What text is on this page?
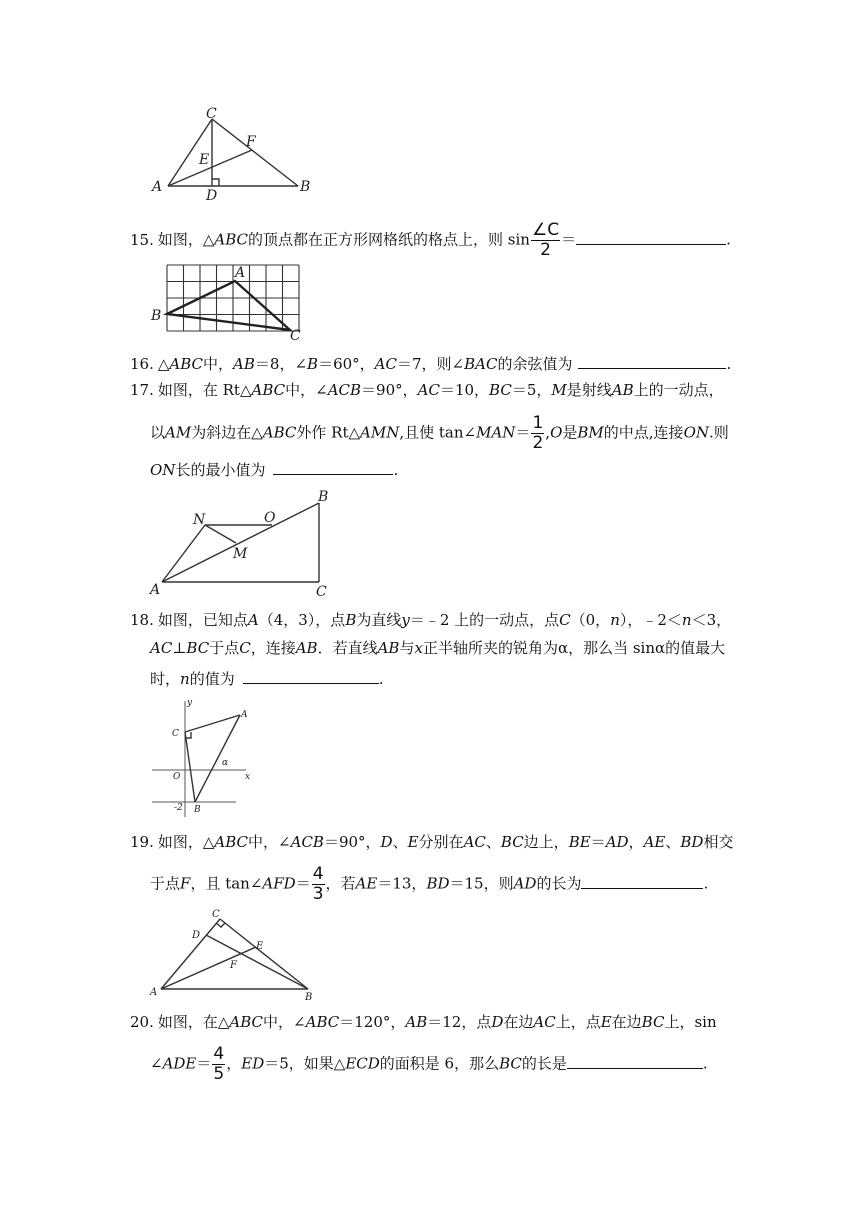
C
F
E
A
D
B
15. 如图，△ABC的顶点都在正方形网格纸的格点上，则 $\sin \frac{\angle C}{2}$ ＝	.
A
B
C
16. △ABC中，AB＝8，∠B＝60°，AC＝7，则∠BAC的余弦值为	.
17. 如图，在 Rt△ABC中，∠ACB＝90°，AC＝10，BC＝5，M是射线AB上的一动点，
以AM为斜边在△ABC外作 Rt△AMN,且使 tan∠MAN＝ $\frac{1}{2} ,O$是BM的中点,连接ON.则
ON长的最小值为	.
N	O
B
M
A	C
18. 如图，已知点A（4，3），点B为直线y＝﹣2 上的一动点，点C（0，n），﹣2＜n＜3，
AC⊥BC于点C，连接AB．若直线AB与x正半轴所夹的锐角为α，那么当 sinα的值最大
时，n的值为	.
y
A
C
α
O	x
-2 B
19. 如图，△ABC中，∠ACB＝90°，D、E分别在AC、BC边上，BE＝AD，AE、BD相交
于点F，且 tan∠AFD＝ $\frac{4}{3}$ ，若AE＝13，BD＝15，则AD的长为	.
C
D
E
F
A	B
20. 如图，在△ABC中，∠ABC＝120°，AB＝12，点D在边AC上，点E在边BC上，sin
∠ADE＝ $\frac{4}{5}$ ，ED＝5，如果△ECD的面积是 6，那么BC的长是	.
